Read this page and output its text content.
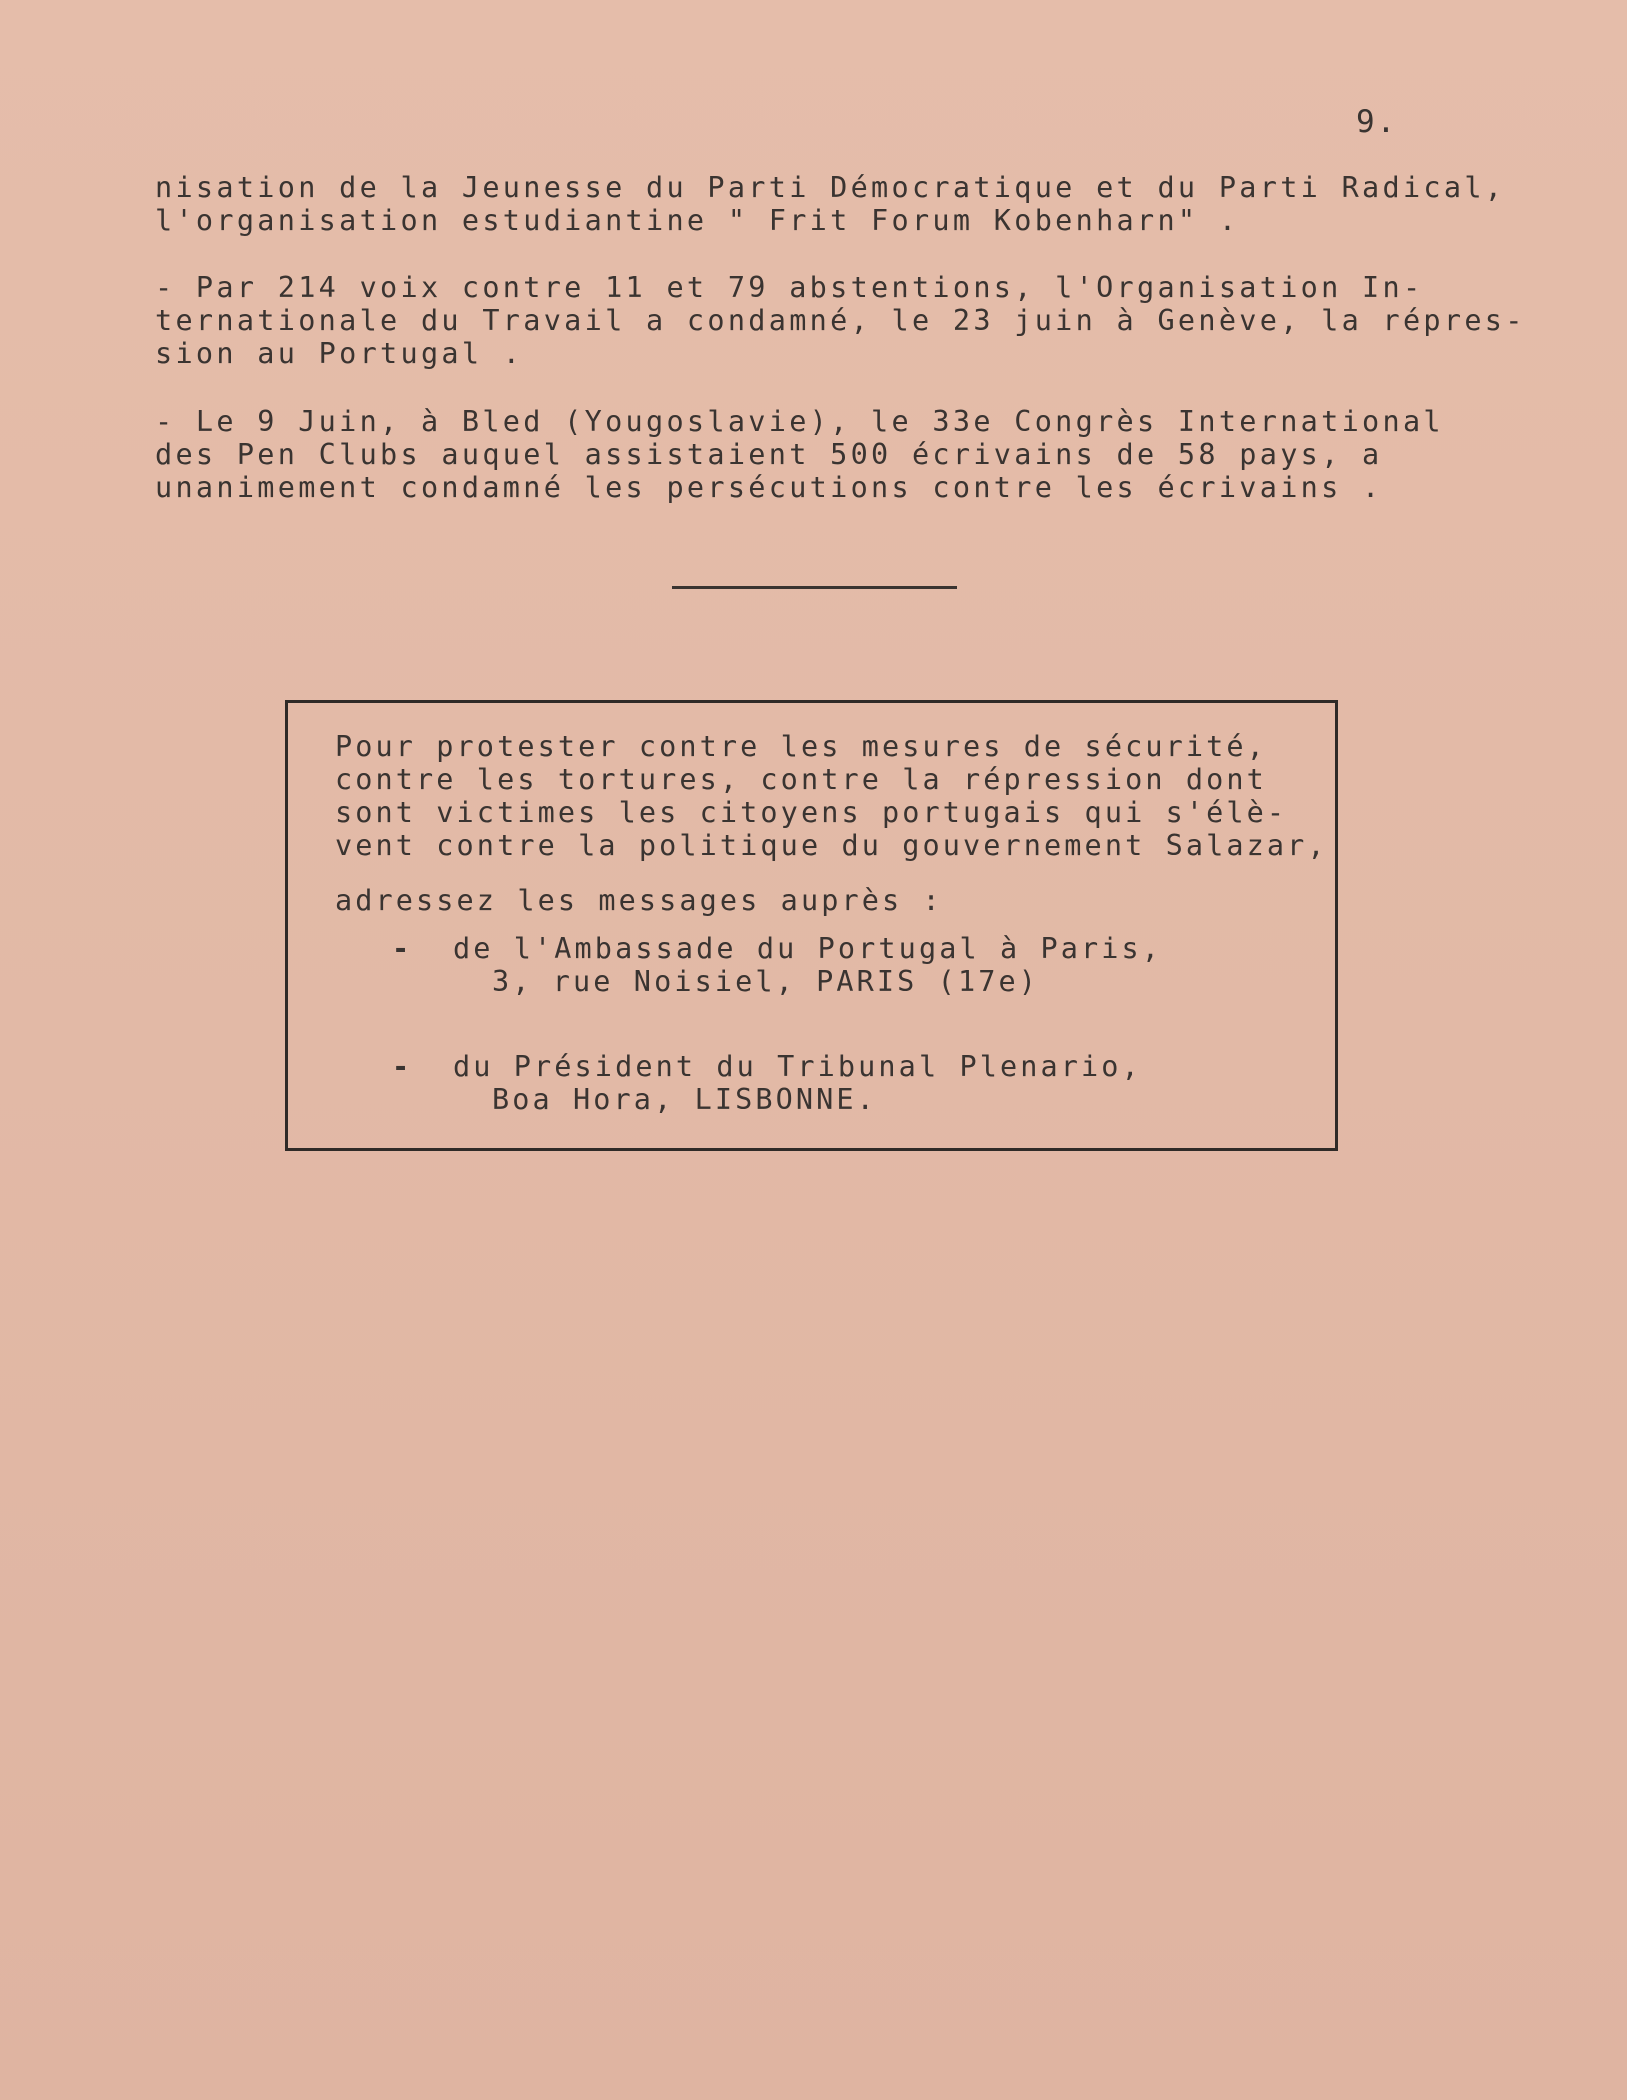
9.

nisation de la Jeunesse du Parti Démocratique et du Parti Radical,
l'organisation estudiantine " Frit Forum Kobenharn" .
- Par 214 voix contre 11 et 79 abstentions, l'Organisation In-
ternationale du Travail a condamné, le 23 juin à Genève, la répres-
sion au Portugal .
- Le 9 Juin, à Bled (Yougoslavie), le 33e Congrès International
des Pen Clubs auquel assistaient 500 écrivains de 58 pays, a
unanimement condamné les persécutions contre les écrivains .
Pour protester contre les mesures de sécurité,
contre les tortures, contre la répression dont
sont victimes les citoyens portugais qui s'élè-
vent contre la politique du gouvernement Salazar,
adressez les messages auprès :

- de l'Ambassade du Portugal à Paris,

3, rue Noisiel, PARIS (17e)

- du Président du Tribunal Plenario,

Boa Hora, LISBONNE.
